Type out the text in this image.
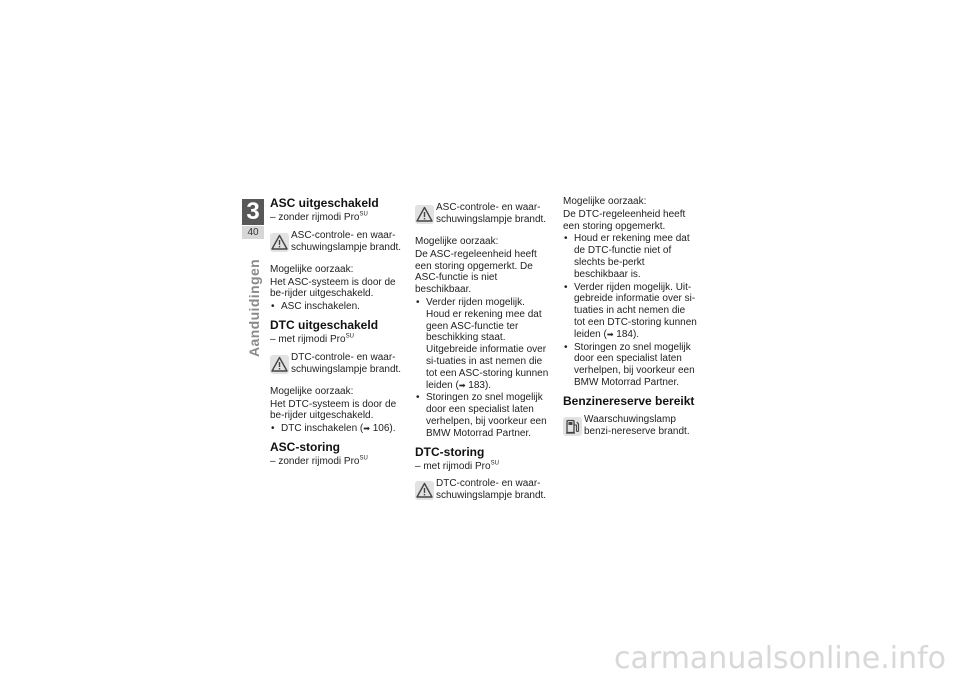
3
40
Aanduidingen
ASC uitgeschakeld
– zonder rijmodi Pro$^{SU}$
ASC-controle- en waar-schuwingslampje brandt.
Mogelijke oorzaak:
Het ASC-systeem is door de be-rijder uitgeschakeld.
• ASC inschakelen.
DTC uitgeschakeld
– met rijmodi Pro$^{SU}$
DTC-controle- en waar-schuwingslampje brandt.
Mogelijke oorzaak:
Het DTC-systeem is door de be-rijder uitgeschakeld.
• DTC inschakelen (➡ 106).
ASC-storing
– zonder rijmodi Pro$^{SU}$
ASC-controle- en waar-schuwingslampje brandt.
Mogelijke oorzaak:
De ASC-regeleenheid heeft een storing opgemerkt. De ASC-functie is niet beschikbaar.
• Verder rijden mogelijk. Houd er rekening mee dat geen ASC-functie ter beschikking staat. Uitgebreide informatie over si-tuaties in ast nemen die tot een ASC-storing kunnen leiden (➡ 183).
• Storingen zo snel mogelijk door een specialist laten verhelpen, bij voorkeur een BMW Motorrad Partner.
DTC-storing
– met rijmodi Pro$^{SU}$
DTC-controle- en waar-schuwingslampje brandt.
Mogelijke oorzaak:
De DTC-regeleenheid heeft een storing opgemerkt.
• Houd er rekening mee dat de DTC-functie niet of slechts be-perkt beschikbaar is.
• Verder rijden mogelijk. Uit-gebreide informatie over si-tuaties in acht nemen die tot een DTC-storing kunnen leiden (➡ 184).
• Storingen zo snel mogelijk door een specialist laten verhelpen, bij voorkeur een BMW Motorrad Partner.
Benzinereserve bereikt
Waarschuwingslamp benzi-nereserve brandt.
carmanualsonline.info
